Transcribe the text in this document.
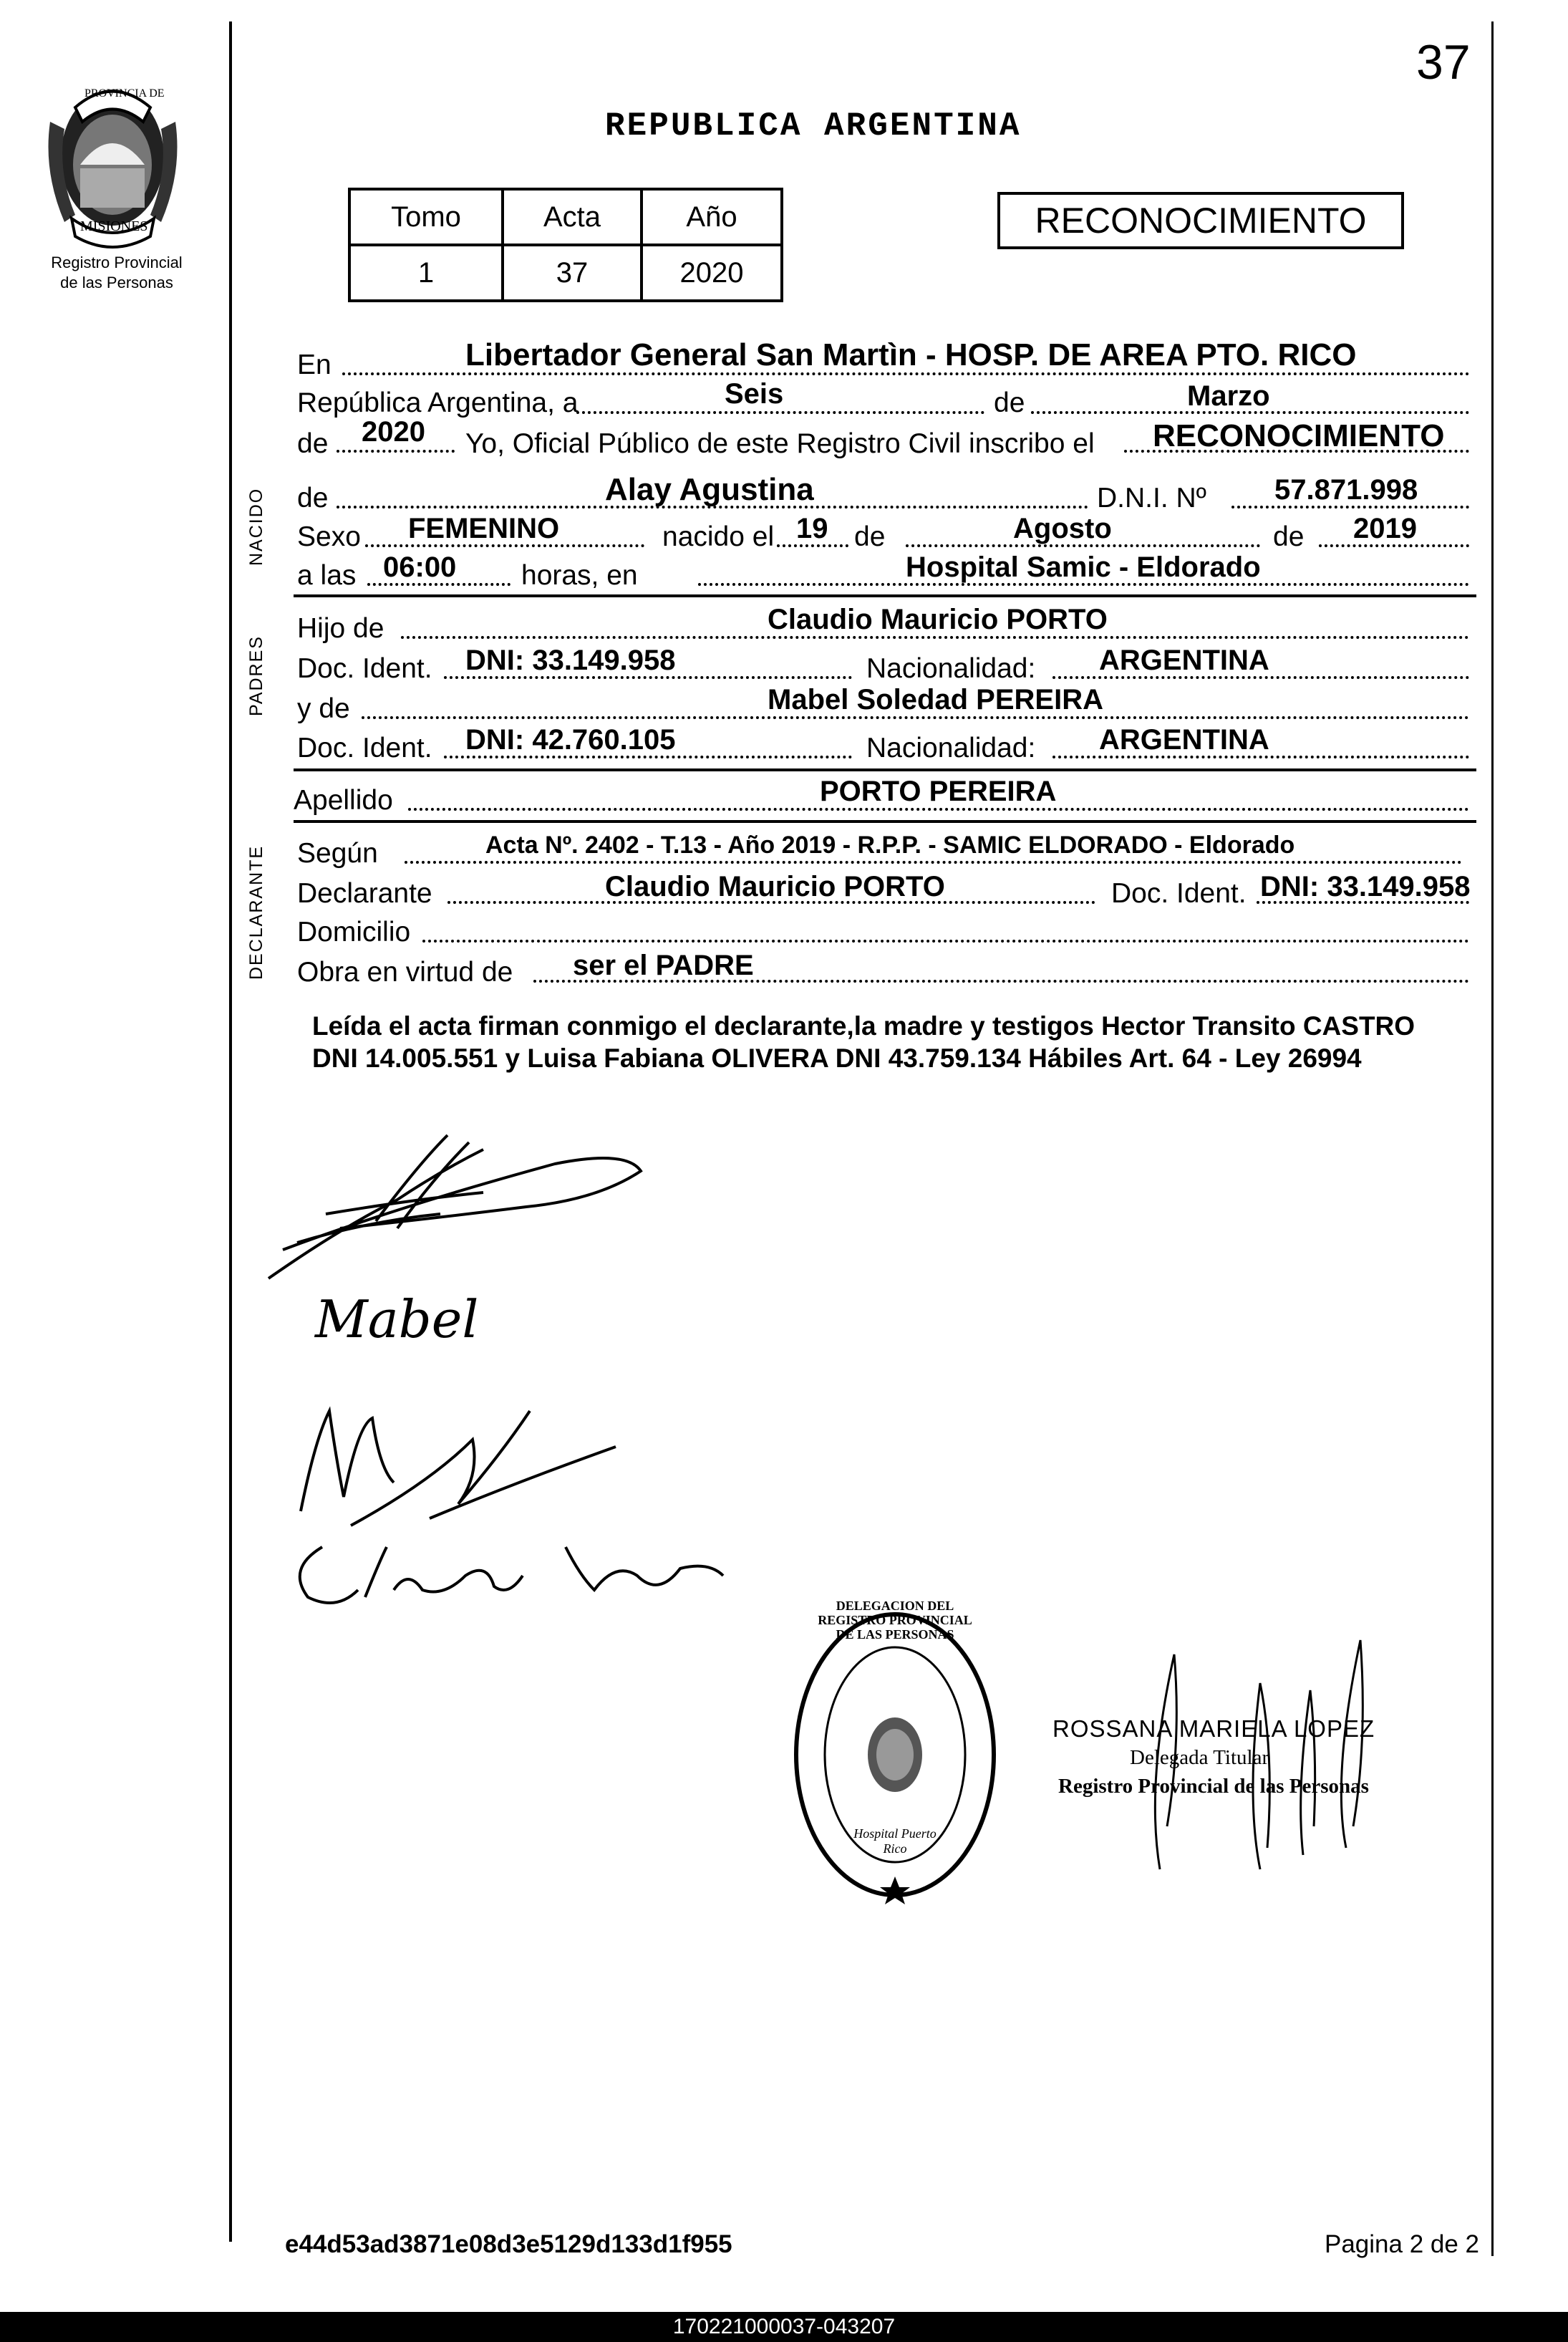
37
PROVINCIA DE
MISIONES
Registro Provincial
de las Personas
REPUBLICA ARGENTINA
Tomo	Acta	Año
1	37	2020
RECONOCIMIENTO
NACIDO
PADRES
DECLARANTE
En	Libertador General San Martìn - HOSP. DE AREA PTO. RICO
República Argentina, a	Seis	de	Marzo
de 2020 Yo, Oficial Público de este Registro Civil inscribo el RECONOCIMIENTO
de	Alay Agustina	D.N.I. Nº 57.871.998
Sexo FEMENINO	nacido el 19 de	Agosto	de 2019
a las 06:00 horas, en	Hospital Samic - Eldorado
Hijo de	Claudio Mauricio PORTO
Doc. Ident. DNI: 33.149.958	Nacionalidad: ARGENTINA
y de	Mabel Soledad PEREIRA
Doc. Ident. DNI: 42.760.105	Nacionalidad: ARGENTINA
Apellido	PORTO PEREIRA
Según	Acta Nº. 2402 - T.13 - Año 2019 - R.P.P. - SAMIC ELDORADO - Eldorado
Declarante	Claudio Mauricio PORTO	Doc. Ident. DNI: 33.149.958
Domicilio
Obra en virtud de ser el PADRE
Leída el acta firman conmigo el declarante,la madre y testigos Hector Transito CASTRO DNI 14.005.551 y Luisa Fabiana OLIVERA DNI 43.759.134 Hábiles Art. 64 - Ley 26994
Mabel
DELEGACION DEL REGISTRO PROVINCIAL DE LAS PERSONAS
Hospital Puerto Rico
ROSSANA MARIELA LOPEZ
Delegada Titular
Registro Provincial de las Personas
e44d53ad3871e08d3e5129d133d1f955	Pagina 2 de 2
170221000037-043207
